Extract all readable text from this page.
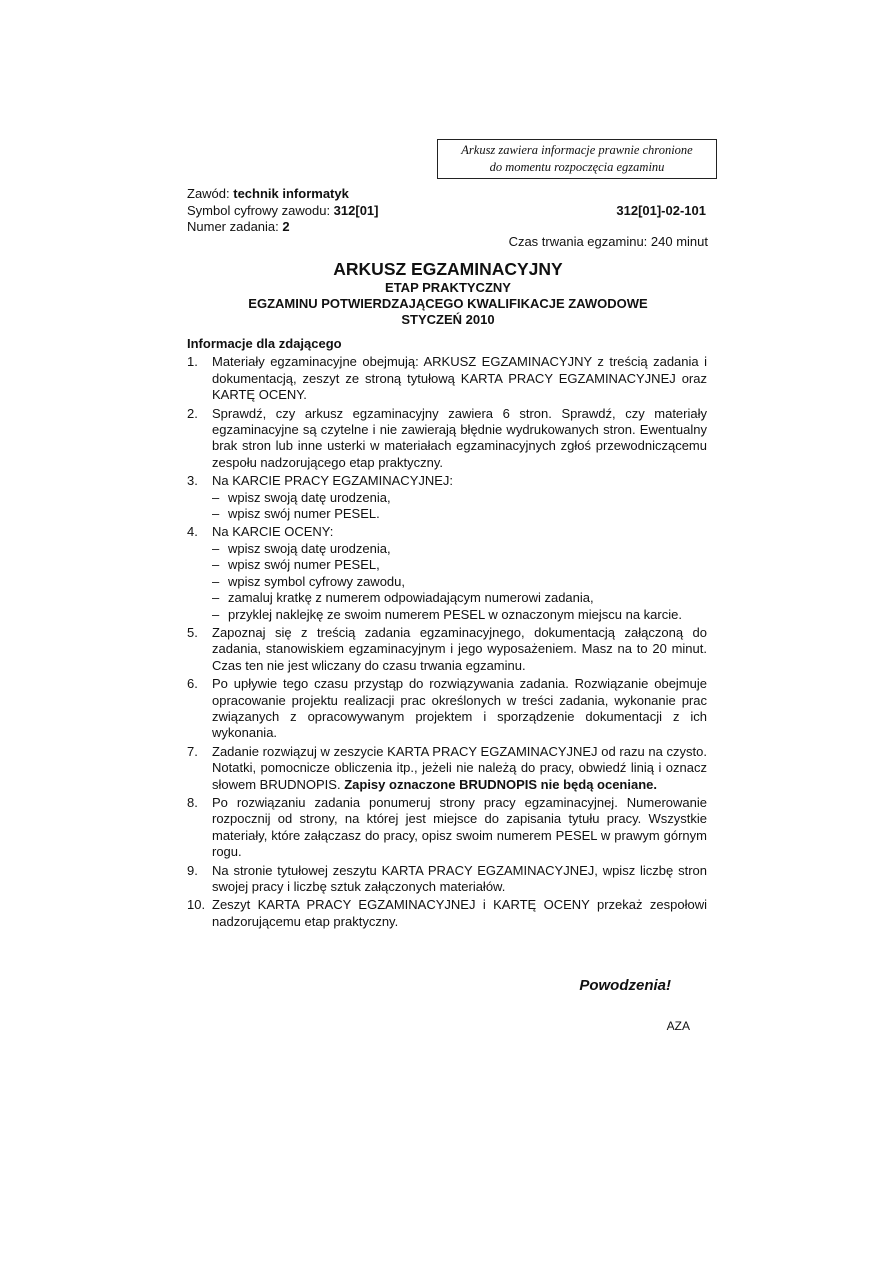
Arkusz zawiera informacje prawnie chronione
do momentu rozpoczęcia egzaminu
Zawód: technik informatyk
Symbol cyfrowy zawodu: 312[01]
Numer zadania: 2
312[01]-02-101
Czas trwania egzaminu: 240 minut
ARKUSZ EGZAMINACYJNY
ETAP PRAKTYCZNY
EGZAMINU POTWIERDZAJĄCEGO KWALIFIKACJE ZAWODOWE
STYCZEŃ 2010
Informacje dla zdającego
1.	Materiały egzaminacyjne obejmują: ARKUSZ EGZAMINACYJNY z treścią zadania i dokumentacją, zeszyt ze stroną tytułową KARTA PRACY EGZAMINACYJNEJ oraz KARTĘ OCENY.
2.	Sprawdź, czy arkusz egzaminacyjny zawiera 6 stron. Sprawdź, czy materiały egzaminacyjne są czytelne i nie zawierają błędnie wydrukowanych stron. Ewentualny brak stron lub inne usterki w materiałach egzaminacyjnych zgłoś przewodniczącemu zespołu nadzorującego etap praktyczny.
3.	Na KARCIE PRACY EGZAMINACYJNEJ:
– wpisz swoją datę urodzenia,
– wpisz swój numer PESEL.
4.	Na KARCIE OCENY:
– wpisz swoją datę urodzenia,
– wpisz swój numer PESEL,
– wpisz symbol cyfrowy zawodu,
– zamaluj kratkę z numerem odpowiadającym numerowi zadania,
– przyklej naklejkę ze swoim numerem PESEL w oznaczonym miejscu na karcie.
5.	Zapoznaj się z treścią zadania egzaminacyjnego, dokumentacją załączoną do zadania, stanowiskiem egzaminacyjnym i jego wyposażeniem. Masz na to 20 minut. Czas ten nie jest wliczany do czasu trwania egzaminu.
6.	Po upływie tego czasu przystąp do rozwiązywania zadania. Rozwiązanie obejmuje opracowanie projektu realizacji prac określonych w treści zadania, wykonanie prac związanych z opracowywanym projektem i sporządzenie dokumentacji z ich wykonania.
7.	Zadanie rozwiązuj w zeszycie KARTA PRACY EGZAMINACYJNEJ od razu na czysto. Notatki, pomocnicze obliczenia itp., jeżeli nie należą do pracy, obwiedź linią i oznacz słowem BRUDNOPIS. Zapisy oznaczone BRUDNOPIS nie będą oceniane.
8.	Po rozwiązaniu zadania ponumeruj strony pracy egzaminacyjnej. Numerowanie rozpocznij od strony, na której jest miejsce do zapisania tytułu pracy. Wszystkie materiały, które załączasz do pracy, opisz swoim numerem PESEL w prawym górnym rogu.
9.	Na stronie tytułowej zeszytu KARTA PRACY EGZAMINACYJNEJ, wpisz liczbę stron swojej pracy i liczbę sztuk załączonych materiałów.
10. Zeszyt KARTA PRACY EGZAMINACYJNEJ i KARTĘ OCENY przekaż zespołowi nadzorującemu etap praktyczny.
Powodzenia!
AZA
